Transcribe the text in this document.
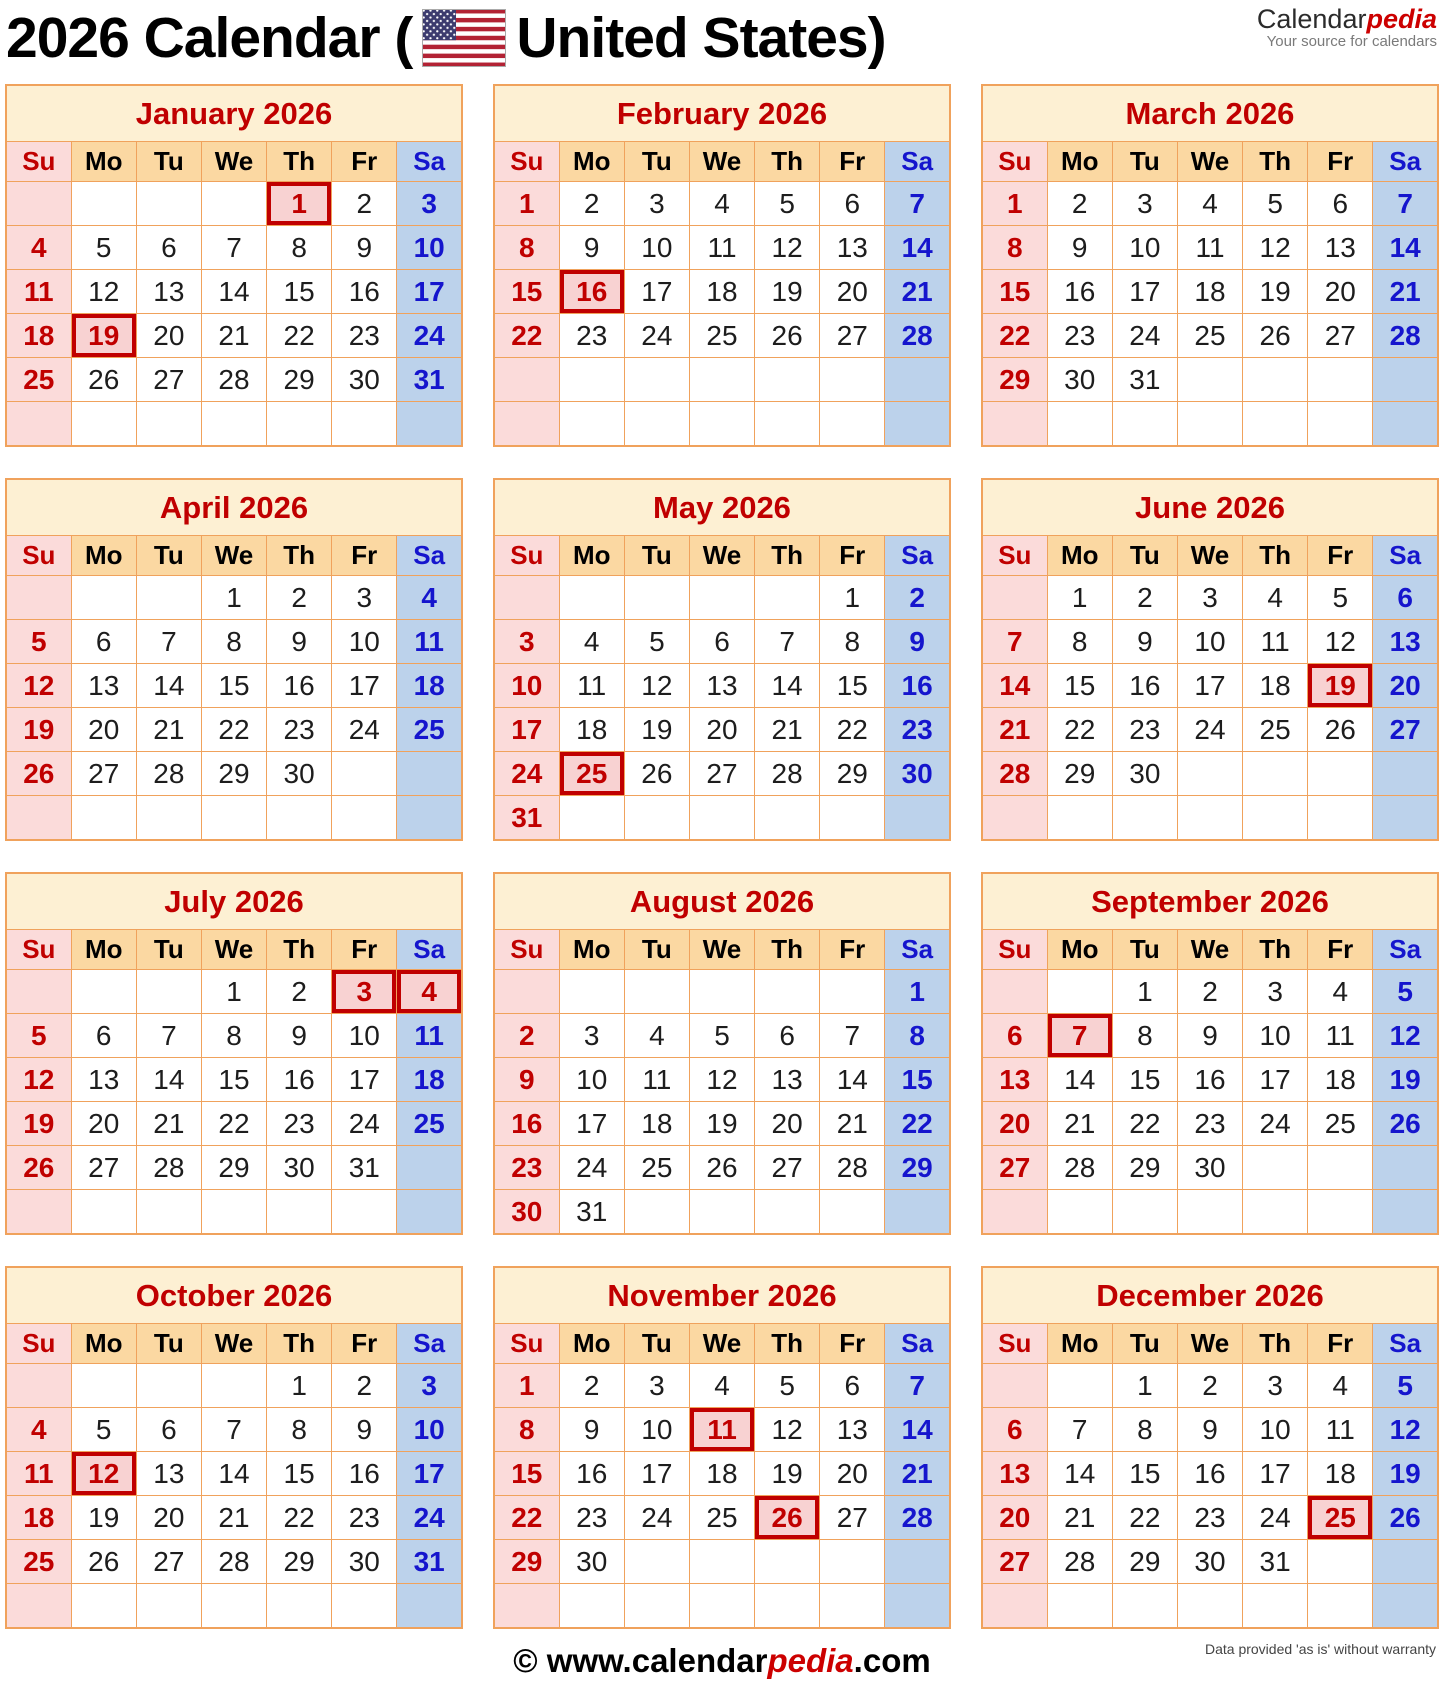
2026 Calendar ( United States)	Calendarpedia
Your source for calendars
January 2026						
Su	Mo	Tu	We	Th	Fr	Sa
				1	2	3
4	5	6	7	8	9	10
11	12	13	14	15	16	17
18	19	20	21	22	23	24
25	26	27	28	29	30	31

February 2026						
Su	Mo	Tu	We	Th	Fr	Sa
1	2	3	4	5	6	7
8	9	10	11	12	13	14
15	16	17	18	19	20	21
22	23	24	25	26	27	28

March 2026						
Su	Mo	Tu	We	Th	Fr	Sa
1	2	3	4	5	6	7
8	9	10	11	12	13	14
15	16	17	18	19	20	21
22	23	24	25	26	27	28
29	30	31				

April 2026						
Su	Mo	Tu	We	Th	Fr	Sa
			1	2	3	4
5	6	7	8	9	10	11
12	13	14	15	16	17	18
19	20	21	22	23	24	25
26	27	28	29	30		

May 2026						
Su	Mo	Tu	We	Th	Fr	Sa
					1	2
3	4	5	6	7	8	9
10	11	12	13	14	15	16
17	18	19	20	21	22	23
24	25	26	27	28	29	30
31						
June 2026						
Su	Mo	Tu	We	Th	Fr	Sa
	1	2	3	4	5	6
7	8	9	10	11	12	13
14	15	16	17	18	19	20
21	22	23	24	25	26	27
28	29	30				

July 2026						
Su	Mo	Tu	We	Th	Fr	Sa
			1	2	3	4
5	6	7	8	9	10	11
12	13	14	15	16	17	18
19	20	21	22	23	24	25
26	27	28	29	30	31	

August 2026						
Su	Mo	Tu	We	Th	Fr	Sa
						1
2	3	4	5	6	7	8
9	10	11	12	13	14	15
16	17	18	19	20	21	22
23	24	25	26	27	28	29
30	31					
September 2026						
Su	Mo	Tu	We	Th	Fr	Sa
		1	2	3	4	5
6	7	8	9	10	11	12
13	14	15	16	17	18	19
20	21	22	23	24	25	26
27	28	29	30			

October 2026						
Su	Mo	Tu	We	Th	Fr	Sa
				1	2	3
4	5	6	7	8	9	10
11	12	13	14	15	16	17
18	19	20	21	22	23	24
25	26	27	28	29	30	31

November 2026						
Su	Mo	Tu	We	Th	Fr	Sa
1	2	3	4	5	6	7
8	9	10	11	12	13	14
15	16	17	18	19	20	21
22	23	24	25	26	27	28
29	30					

December 2026						
Su	Mo	Tu	We	Th	Fr	Sa
		1	2	3	4	5
6	7	8	9	10	11	12
13	14	15	16	17	18	19
20	21	22	23	24	25	26
27	28	29	30	31		

Data provided 'as is' without warranty
© www.calendarpedia.com
